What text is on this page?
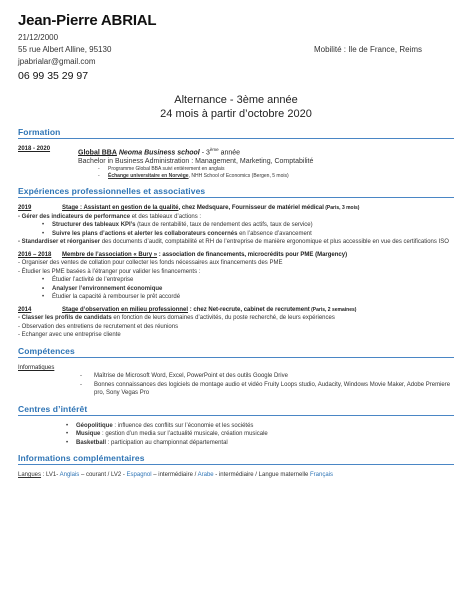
Jean-Pierre ABRIAL
21/12/2000
55 rue Albert Alline, 95130	Mobilité : Ile de France, Reims
jpabrialar@gmail.com
06 99 35 29 97
Alternance - 3ème année
24 mois à partir d’octobre 2020
Formation
2018 - 2020
Global BBA Neoma Business school - 3ème année
Bachelor in Business Administration : Management, Marketing, Comptabilité
- Programme Global BBA suivi entièrement en anglais
- Échange universitaire en Norvège, NHH School of Economics (Bergen, 5 mois)
Expériences professionnelles et associatives
2019	Stage : Assistant en gestion de la qualité, chez Medsquare, Fournisseur de matériel médical (Paris, 3 mois)
- Gérer des indicateurs de performance et des tableaux d’actions :
• Structurer des tableaux KPI’s (taux de rentabilité, taux de rendement des actifs, taux de service)
• Suivre les plans d’actions et alerter les collaborateurs concernés en l’absence d’avancement
- Standardiser et réorganiser des documents d’audit, comptabilité et RH de l’entreprise de manière ergonomique et plus accessible en vue des certifications ISO
2016 – 2018 Membre de l’association « Bury » : association de financements, microcrédits pour PME (Margency)
- Organiser des ventes de collation pour collecter les fonds nécessaires aux financements des PME
- Étudier les PME basées à l’étranger pour valider les financements :
• Étudier l’activité de l’entreprise
• Analyser l’environnement économique
• Étudier la capacité à rembourser le prêt accordé
2014	Stage d’observation en milieu professionnel : chez Net-recrute, cabinet de recrutement (Paris, 2 semaines)
- Classer les profils de candidats en fonction de leurs domaines d’activités, du poste recherché, de leurs expériences
- Observation des entretiens de recrutement et des réunions
- Echanger avec une entreprise cliente
Compétences
Informatiques
- Maîtrise de Microsoft Word, Excel, PowerPoint et des outils Google Drive
- Bonnes connaissances des logiciels de montage audio et vidéo Fruity Loops studio, Audacity, Windows Movie Maker, Adobe Premiere pro, Sony Vegas Pro
Centres d’intérêt
• Géopolitique : influence des conflits sur l’économie et les sociétés
• Musique : gestion d’un media sur l’actualité musicale, création musicale
• Basketball : participation au championnat départemental
Informations complémentaires
Langues : LV1- Anglais – courant / LV2 - Espagnol – intermédiaire / Arabe - intermédiaire / Langue maternelle Français
